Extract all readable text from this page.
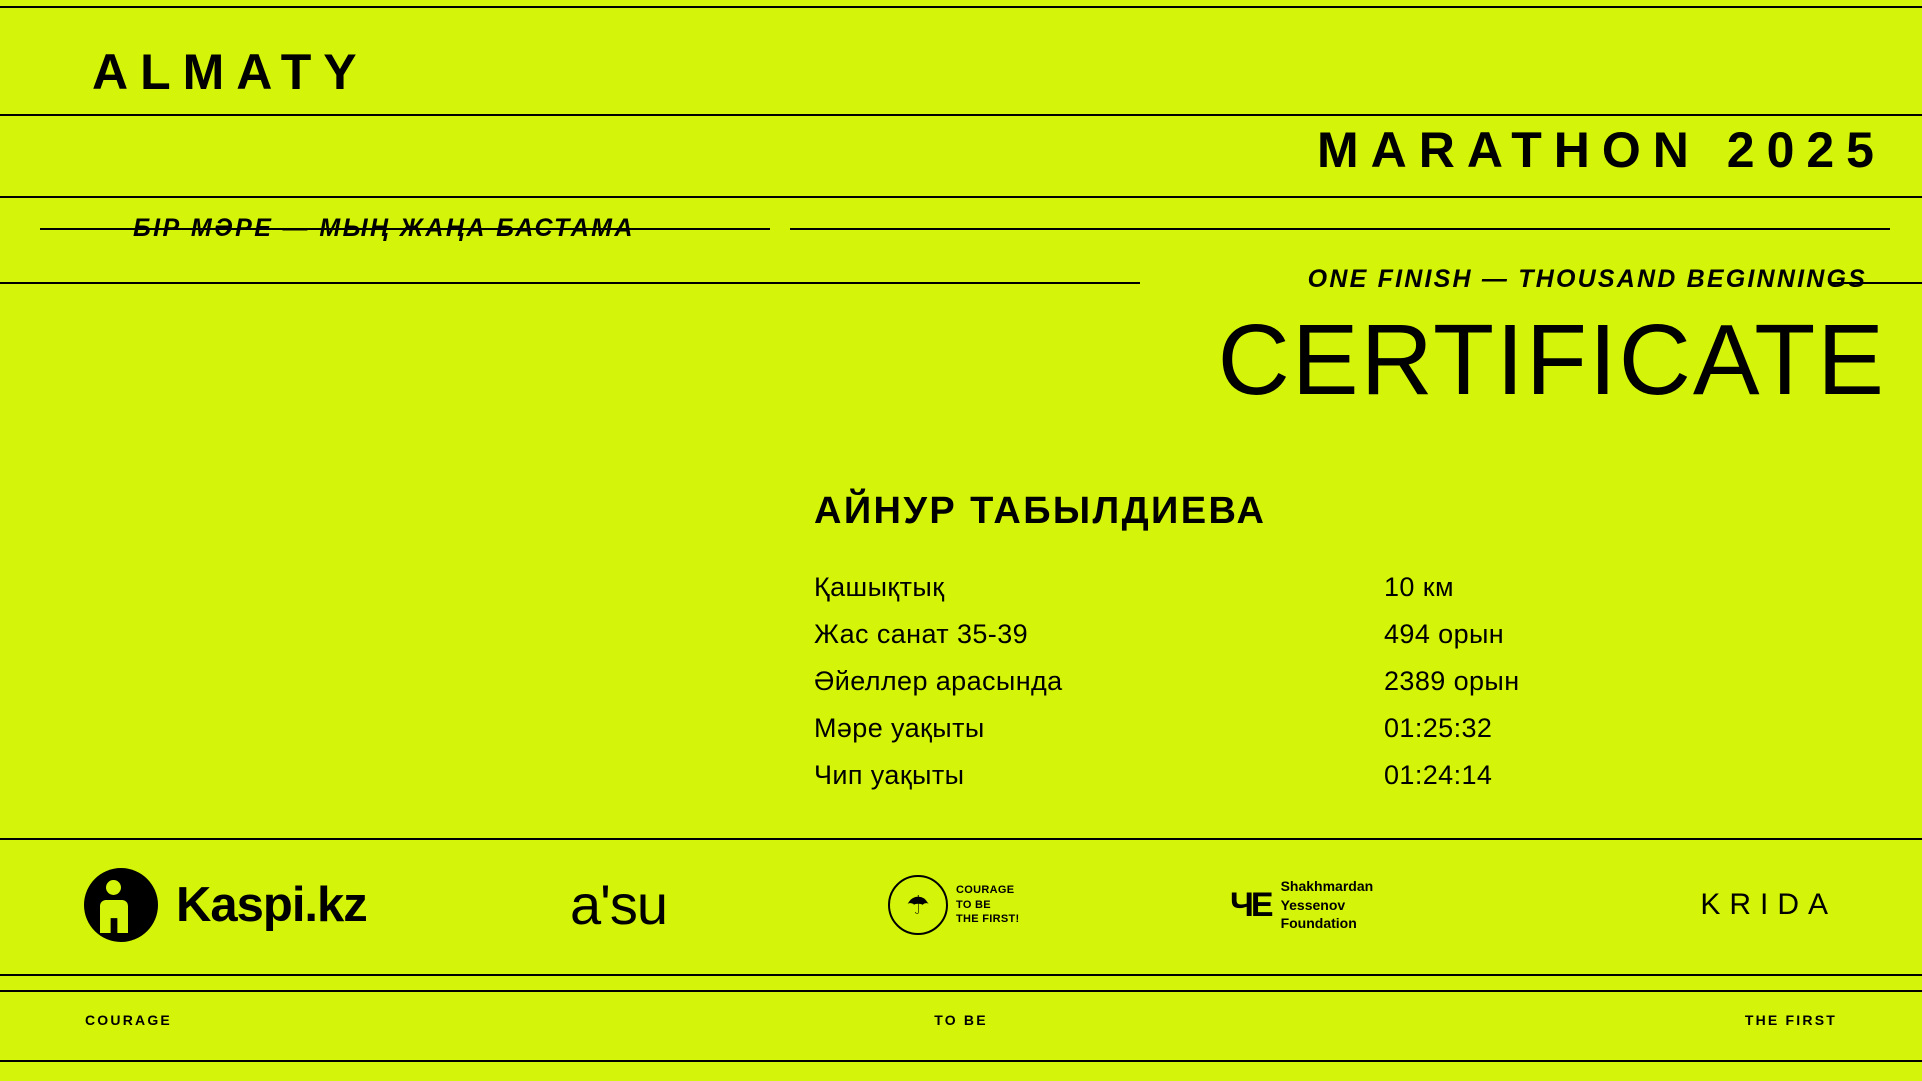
ALMATY
MARATHON 2025
БІР МӘРЕ — МЫҢ ЖАҢА БАСТАМА
ONE FINISH — THOUSAND BEGINNINGS
CERTIFICATE
АЙНУР ТАБЫЛДИЕВА
Қашықтық	10 км
Жас санат 35-39	494 орын
Әйеллер арасында	2389 орын
Мәре уақыты	01:25:32
Чип уақыты	01:24:14
Kaspi.kz	aʹsu	☂
COURAGE
TO BE
THE FIRST!	ЧЕ Shakhmardan
Yessenov
Foundation
KRIDA
COURAGE	TO BE	THE FIRST
